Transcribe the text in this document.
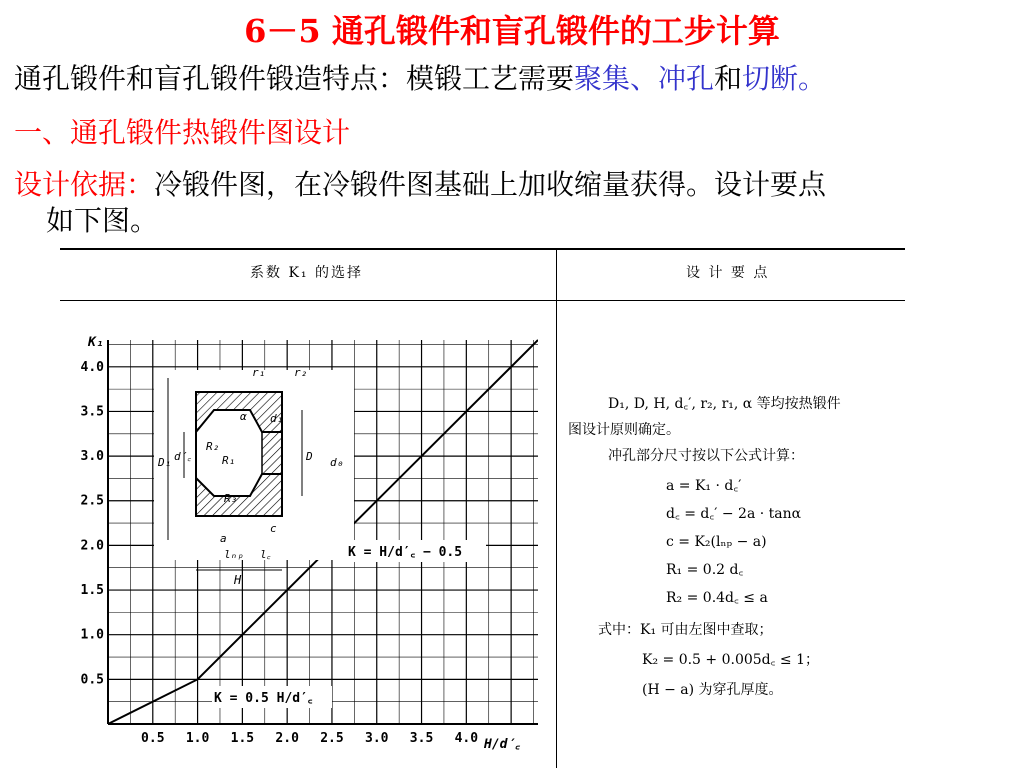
6－5 通孔锻件和盲孔锻件的工步计算
通孔锻件和盲孔锻件锻造特点：模锻工艺需要聚集、冲孔和切断。
一、通孔锻件热锻件图设计
设计依据：冷锻件图，在冷锻件图基础上加收缩量获得。设计要点
如下图。
系数 K₁ 的选择	设 计 要 点
D₁, D, H, d꜀′, r₂, r₁, α 等均按热锻件
图设计原则确定。
冲孔部分尺寸按以下公式计算：
a = K₁ · d꜀′
d꜀ = d꜀′ − 2a · tanα
c = K₂(lₙₚ − a)
R₁ = 0.2 d꜀
R₂ = 0.4d꜀ ≤ a
式中：K₁ 可由左图中查取；
K₂ = 0.5 + 0.005d꜀ ≤ 1；
(H − a) 为穿孔厚度。
0.5 1.0 1.5 2.0 2.5 3.0 3.5 4.0
0.5
1.0
1.5
2.0
2.5
3.0
3.5
4.0	r₁	r₂
α d₁
D₁ d′꜀
R₂
R₁
R₃
D d₀
c
a
lₙₚ l꜀
H
K = H/d′꜀ − 0.5
K = 0.5 H/d′꜀
K₁
H/d′꜀
